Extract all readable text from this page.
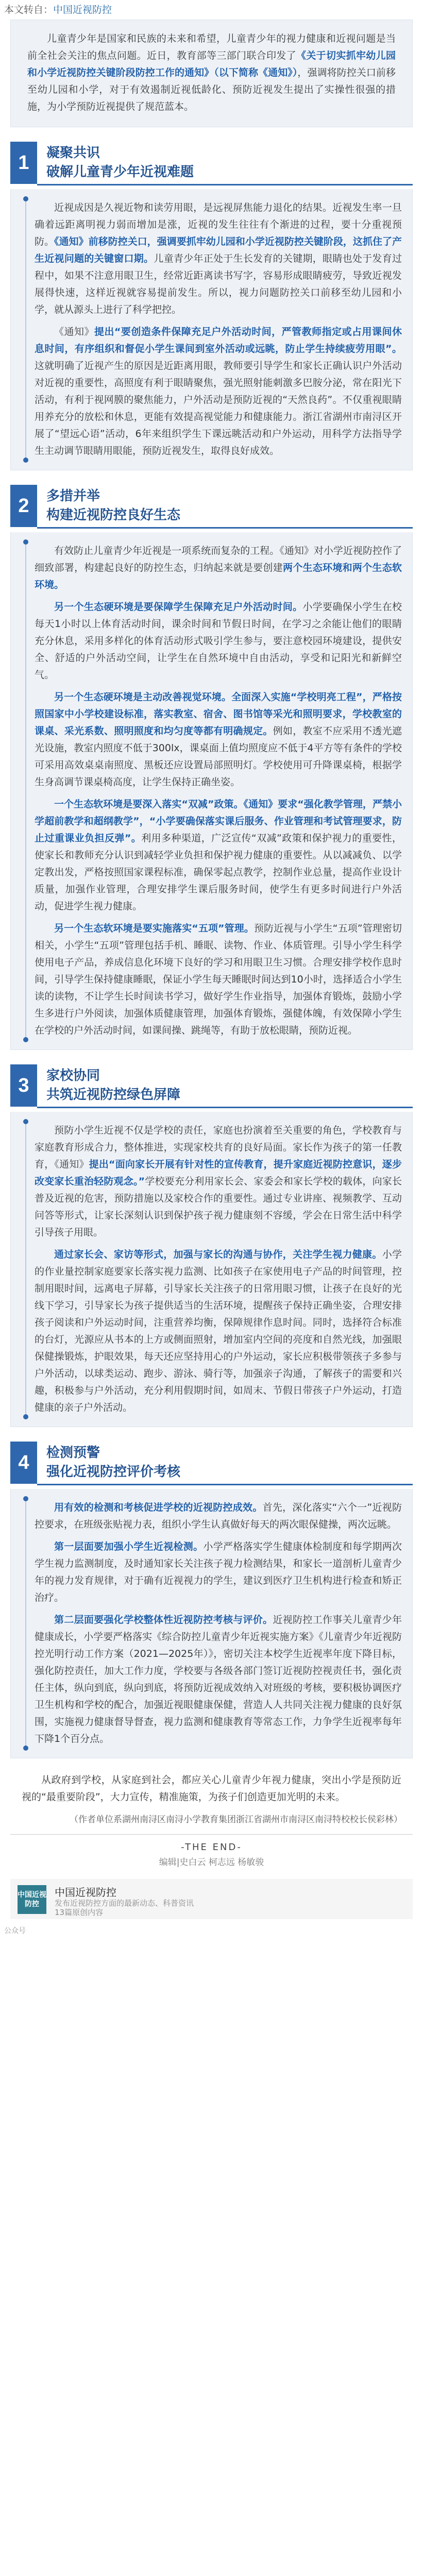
本文转自：中国近视防控

儿童青少年是国家和民族的未来和希望，儿童青少年的视力健康和近视问题是当前全社会关注的焦点问题。近日，教育部等三部门联合印发了《关于切实抓牢幼儿园和小学近视防控关键阶段防控工作的通知》（以下简称《通知》），强调将防控关口前移至幼儿园和小学，对于有效遏制近视低龄化、预防近视发生提出了实操性很强的措施，为小学预防近视提供了规范蓝本。

1	凝聚共识
破解儿童青少年近视难题

近视成因是久视近物和读劳用眼，是远视屏焦能力退化的结果。近视发生率一旦确着远距离明视力弱而增加是涨，近视的发生往往有个渐进的过程，要十分重视预防。《通知》前移防控关口，强调要抓牢幼儿园和小学近视防控关键阶段，这抓住了产生近视问题的关键窗口期。儿童青少年正处于生长发育的关键期，眼睛也处于发育过程中，如果不注意用眼卫生，经常近距离读书写字，容易形成眼睛疲劳，导致近视发展得快速，这样近视就容易提前发生。所以，视力问题防控关口前移至幼儿园和小学，就从源头上进行了科学把控。

《通知》提出“要创造条件保障充足户外活动时间，严管教师指定或占用课间休息时间，有序组织和督促小学生课间到室外活动或远眺，防止学生持续疲劳用眼”。这就明确了近视产生的原因是近距离用眼，教师要引导学生和家长正确认识户外活动对近视的重要性，高照度有利于眼睛聚焦，强光照射能刺激多巴胺分泌，常在阳光下活动，有利于视网膜的聚焦能力，户外活动是预防近视的“天然良药”。不仅重视眼睛用养充分的放松和休息，更能有效提高视觉能力和健康能力。浙江省湖州市南浔区开展了“望远心语”活动，6年来组织学生下课远眺活动和户外运动，用科学方法指导学生主动调节眼睛用眼能，预防近视发生，取得良好成效。

2	多措并举
构建近视防控良好生态

有效防止儿童青少年近视是一项系统而复杂的工程。《通知》对小学近视防控作了细致部署，构建起良好的防控生态，归纳起来就是要创建两个生态环境和两个生态软环境。

另一个生态硬环境是要保障学生保障充足户外活动时间。小学要确保小学生在校每天1小时以上体育活动时间，课余时间和节假日时间，在学习之余能让他们的眼睛充分休息，采用多样化的体育活动形式吸引学生参与，要注意校园环境建设，提供安全、舒适的户外活动空间，让学生在自然环境中自由活动，享受和记阳光和新鲜空气。

另一个生态硬环境是主动改善视觉环境。全面深入实施“学校明亮工程”，严格按照国家中小学校建设标准，落实教室、宿舍、图书馆等采光和照明要求，学校教室的课桌、采光系数、照明照度和均匀度等都有明确规定。例如，教室不应采用不透光遮光设施，教室内照度不低于300lx，课桌面上值均照度应不低于4平方等有条件的学校可采用高效桌桌南照度、黑板还应设置局部照明灯。学校使用可升降课桌椅，根据学生身高调节课桌椅高度，让学生保持正确坐姿。

一个生态软环境是要深入落实“双减”政策。《通知》要求“强化教学管理，严禁小学超前教学和超纲教学”，“小学要确保落实课后服务、作业管理和考试管理要求，防止过重课业负担反弹”。利用多种渠道，广泛宣传“双减”政策和保护视力的重要性，使家长和教师充分认识到减轻学业负担和保护视力健康的重要性。从以减减负、以学定教出发，严格按照国家课程标准，确保零起点教学，控制作业总量，提高作业设计质量，加强作业管理，合理安排学生课后服务时间，使学生有更多时间进行户外活动，促进学生视力健康。

另一个生态软环境是要实施落实“五项”管理。预防近视与小学生“五项”管理密切相关，小学生“五项”管理包括手机、睡眠、读物、作业、体质管理。引导小学生科学使用电子产品，养成信息化环境下良好的学习和用眼卫生习惯。合理安排学校作息时间，引导学生保持健康睡眠，保证小学生每天睡眠时间达到10小时，选择适合小学生读的读物，不让学生长时间读书学习，做好学生作业指导，加强体育锻炼，鼓励小学生多进行户外阅读，加强体质健康管理，加强体育锻炼，强健体魄，有效保障小学生在学校的户外活动时间，如课间操、跳绳等，有助于放松眼睛，预防近视。

3	家校协同
共筑近视防控绿色屏障

预防小学生近视不仅是学校的责任，家庭也扮演着至关重要的角色，学校教育与家庭教育形成合力，整体推进，实现家校共育的良好局面。家长作为孩子的第一任教育，《通知》提出“面向家长开展有针对性的宣传教育，提升家庭近视防控意识，逐步改变家长重治轻防观念。”学校要充分利用家长会、家委会和家长学校的载体，向家长普及近视的危害，预防措施以及家校合作的重要性。通过专业讲座、视频教学、互动问答等形式，让家长深刻认识到保护孩子视力健康刻不容缓，学会在日常生活中科学引导孩子用眼。

通过家长会、家访等形式，加强与家长的沟通与协作，关注学生视力健康。小学的作业量控制家庭要家长落实视力监测、比如孩子在家使用电子产品的时间管理，控制用眼时间，远离电子屏幕，引导家长关注孩子的日常用眼习惯，让孩子在良好的光线下学习，引导家长为孩子提供适当的生活环境，提醒孩子保持正确坐姿，合理安排孩子阅读和户外运动时间，注重营养均衡，保障规律作息时间。同时，选择符合标准的台灯，光源应从书本的上方或侧面照射，增加室内空间的亮度和自然光线，加强眼保健操锻炼，护眼效果，每天还应坚持用心的户外运动，家长应积极带领孩子多参与户外活动，以球类运动、跑步、游泳、骑行等，加强亲子沟通，了解孩子的需要和兴趣，积极参与户外活动，充分利用假期时间，如周末、节假日带孩子户外运动，打造健康的亲子户外活动。

4	检测预警
强化近视防控评价考核

用有效的检测和考核促进学校的近视防控成效。首先，深化落实“六个一”近视防控要求，在班级张贴视力表，组织小学生认真做好每天的两次眼保健操，两次远眺。

第一层面要加强小学生近视检测。小学严格落实学生健康体检制度和每学期两次学生视力监测制度，及时通知家长关注孩子视力检测结果，和家长一道剖析儿童青少年的视力发育规律，对于确有近视视力的学生，建议到医疗卫生机构进行检查和矫正治疗。

第二层面要强化学校整体性近视防控考核与评价。近视防控工作事关儿童青少年健康成长，小学要严格落实《综合防控儿童青少年近视实施方案》《儿童青少年近视防控光明行动工作方案（2021—2025年）》，密切关注本校学生近视率年度下降目标，强化防控责任，加大工作力度，学校要与各级各部门签订近视防控视责任书，强化责任主体，纵向到底，纵向到底，将预防近视成效纳入对班级的考核，要积极协调医疗卫生机构和学校的配合，加强近视眼健康保健，营造人人共同关注视力健康的良好氛围，实施视力健康督导督查，视力监测和健康教育等常态工作，力争学生近视率每年下降1个百分点。

从政府到学校，从家庭到社会，都应关心儿童青少年视力健康，突出小学是预防近视的“最重要阶段”，大力宣传，精准施策，为孩子们创造更加光明的未来。

（作者单位系湖州南浔区南浔小学教育集团浙江省湖州市南浔区南浔特校校长侯彩林）
-THE END-
编辑|史白云 柯志远 杨敏骏
中国近视防控
中国近视防控
发布近视防控方面的最新动态、科普资讯
13篇原创内容
公众号
